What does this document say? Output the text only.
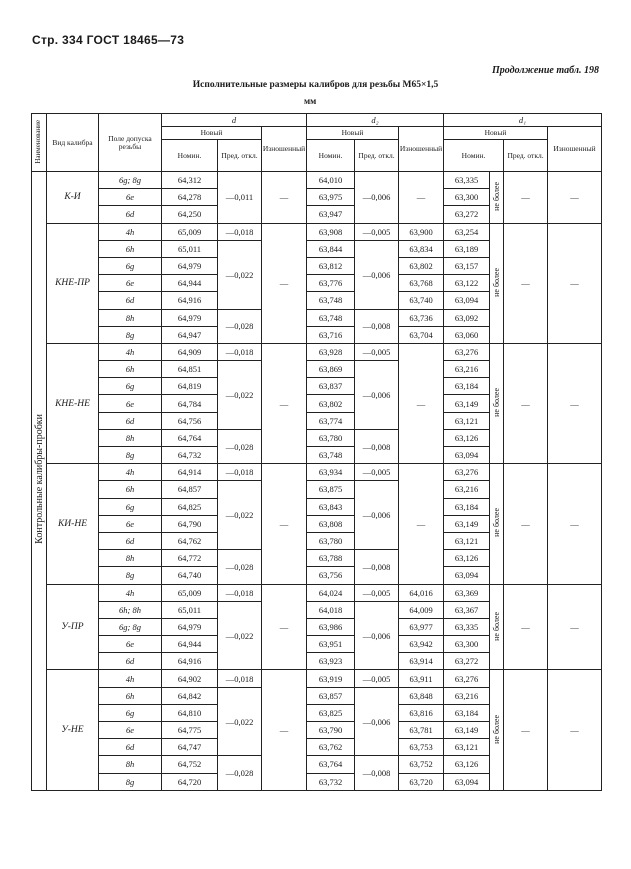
Стр. 334 ГОСТ 18465—73
Продолжение табл. 198
Исполнительные размеры калибров для резьбы М65×1,5
мм
Наименование	Вид калибра	Поле допуска резьбы	d			d₂			d₁			
			Новый		Изношенный	Новый		Изношенный	Новый			Изношенный
			Номин.	Пред. откл.		Номин.	Пред. откл.		Номин.		Пред. откл.	
Контрольные калибры-пробки	К-И	6g; 8g	64,312	—0,011	—	64,010	—0,006	—	63,335	не более	—	—
		6e	64,278			63,975			63,300			
		6d	64,250			63,947			63,272			
	КНЕ-ПР	4h	65,009	—0,018	—	63,908	—0,005	63,900	63,254	не более	—	—
		6h	65,011	—0,022		63,844	—0,006	63,834	63,189			
		6g	64,979			63,812		63,802	63,157			
		6e	64,944			63,776		63,768	63,122			
		6d	64,916			63,748		63,740	63,094			
		8h	64,979	—0,028		63,748	—0,008	63,736	63,092			
		8g	64,947			63,716		63,704	63,060			
	КНЕ-НЕ	4h	64,909	—0,018	—	63,928	—0,005	—	63,276	не более	—	—
		6h	64,851	—0,022		63,869	—0,006		63,216			
		6g	64,819			63,837			63,184			
		6e	64,784			63,802			63,149			
		6d	64,756			63,774			63,121			
		8h	64,764	—0,028		63,780	—0,008		63,126			
		8g	64,732			63,748			63,094			
	КИ-НЕ	4h	64,914	—0,018	—	63,934	—0,005	—	63,276	не более	—	—
		6h	64,857	—0,022		63,875	—0,006		63,216			
		6g	64,825			63,843			63,184			
		6e	64,790			63,808			63,149			
		6d	64,762			63,780			63,121			
		8h	64,772	—0,028		63,788	—0,008		63,126			
		8g	64,740			63,756			63,094			
	У-ПР	4h	65,009	—0,018	—	64,024	—0,005	64,016	63,369	не более	—	—
		6h; 8h	65,011	—0,022		64,018	—0,006	64,009	63,367			
		6g; 8g	64,979			63,986		63,977	63,335			
		6e	64,944			63,951		63,942	63,300			
		6d	64,916			63,923		63,914	63,272			
	У-НЕ	4h	64,902	—0,018	—	63,919	—0,005	63,911	63,276	не более	—	—
		6h	64,842	—0,022		63,857	—0,006	63,848	63,216			
		6g	64,810			63,825		63,816	63,184			
		6e	64,775			63,790		63,781	63,149			
		6d	64,747			63,762		63,753	63,121			
		8h	64,752	—0,028		63,764	—0,008	63,752	63,126			
		8g	64,720			63,732		63,720	63,094			
